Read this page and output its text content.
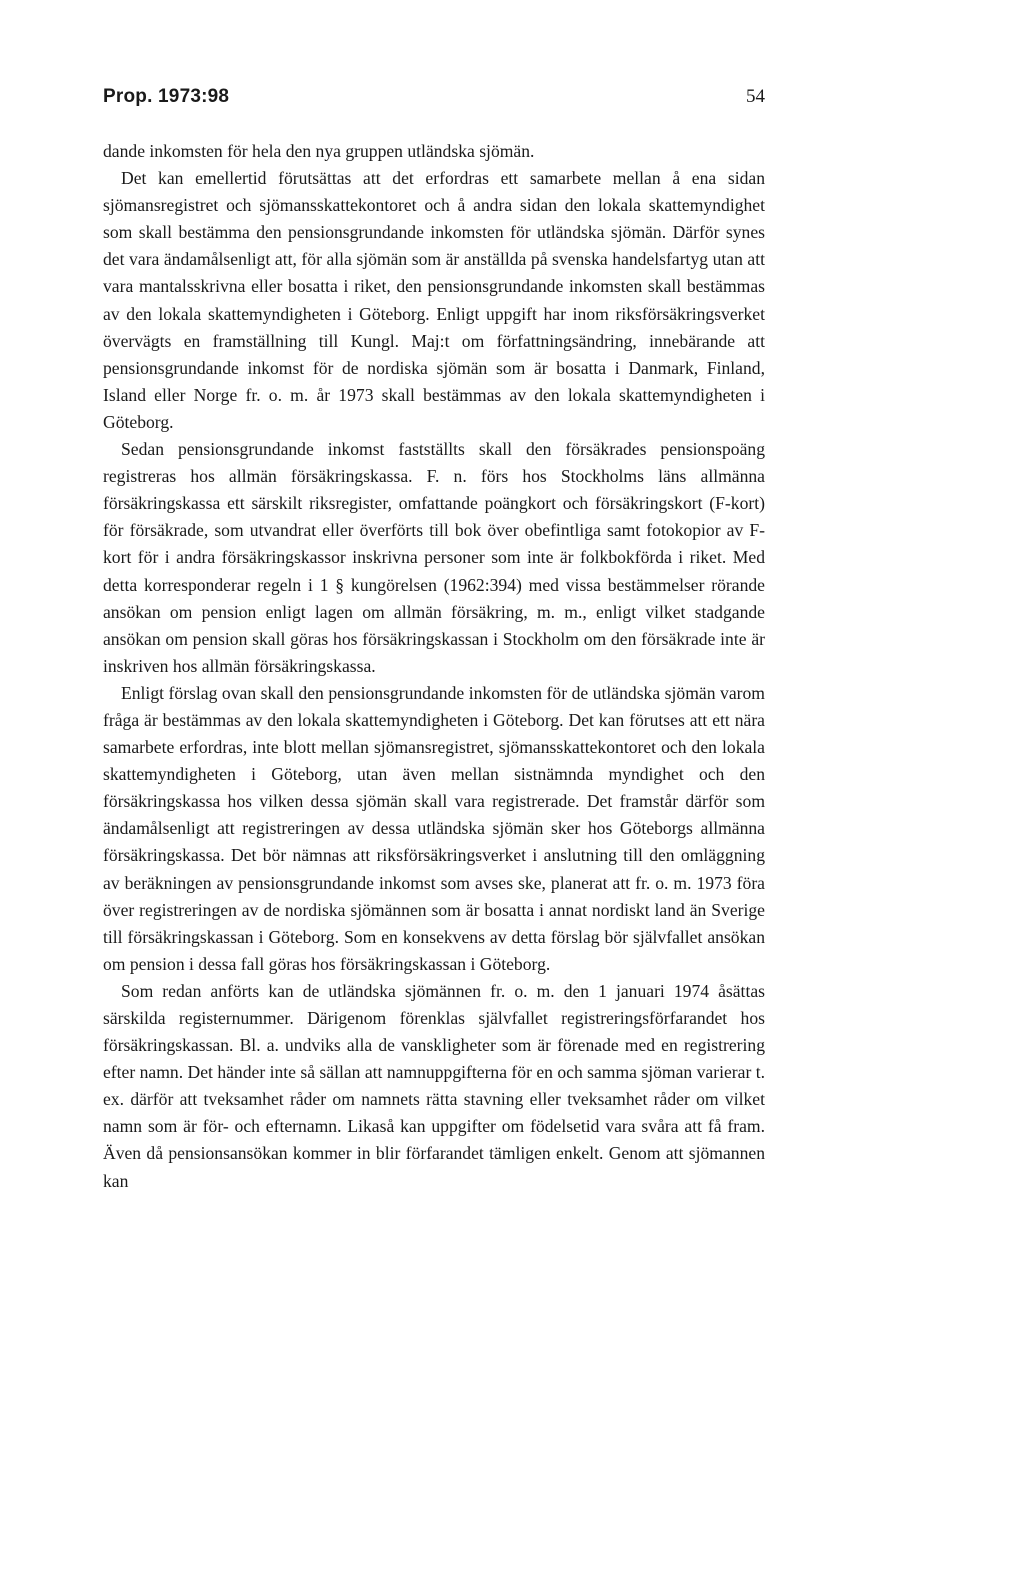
Prop. 1973:98	54

dande inkomsten för hela den nya gruppen utländska sjömän.

Det kan emellertid förutsättas att det erfordras ett samarbete mellan å ena sidan sjömansregistret och sjömansskattekontoret och å andra sidan den lokala skattemyndighet som skall bestämma den pensionsgrundande inkomsten för utländska sjömän. Därför synes det vara ändamålsenligt att, för alla sjömän som är anställda på svenska handelsfartyg utan att vara mantalsskrivna eller bosatta i riket, den pensionsgrundande inkomsten skall bestämmas av den lokala skattemyndigheten i Göteborg. Enligt uppgift har inom riksförsäkringsverket övervägts en framställning till Kungl. Maj:t om författningsändring, innebärande att pensionsgrundande inkomst för de nordiska sjömän som är bosatta i Danmark, Finland, Island eller Norge fr. o. m. år 1973 skall bestämmas av den lokala skattemyndigheten i Göteborg.

Sedan pensionsgrundande inkomst fastställts skall den försäkrades pensionspoäng registreras hos allmän försäkringskassa. F. n. förs hos Stockholms läns allmänna försäkringskassa ett särskilt riksregister, omfattande poängkort och försäkringskort (F-kort) för försäkrade, som utvandrat eller överförts till bok över obefintliga samt fotokopior av F-kort för i andra försäkringskassor inskrivna personer som inte är folkbokförda i riket. Med detta korresponderar regeln i 1 § kungörelsen (1962:394) med vissa bestämmelser rörande ansökan om pension enligt lagen om allmän försäkring, m. m., enligt vilket stadgande ansökan om pension skall göras hos försäkringskassan i Stockholm om den försäkrade inte är inskriven hos allmän försäkringskassa.

Enligt förslag ovan skall den pensionsgrundande inkomsten för de utländska sjömän varom fråga är bestämmas av den lokala skattemyndigheten i Göteborg. Det kan förutses att ett nära samarbete erfordras, inte blott mellan sjömansregistret, sjömansskattekontoret och den lokala skattemyndigheten i Göteborg, utan även mellan sistnämnda myndighet och den försäkringskassa hos vilken dessa sjömän skall vara registrerade. Det framstår därför som ändamålsenligt att registreringen av dessa utländska sjömän sker hos Göteborgs allmänna försäkringskassa. Det bör nämnas att riksförsäkringsverket i anslutning till den omläggning av beräkningen av pensionsgrundande inkomst som avses ske, planerat att fr. o. m. 1973 föra över registreringen av de nordiska sjömännen som är bosatta i annat nordiskt land än Sverige till försäkringskassan i Göteborg. Som en konsekvens av detta förslag bör självfallet ansökan om pension i dessa fall göras hos försäkringskassan i Göteborg.

Som redan anförts kan de utländska sjömännen fr. o. m. den 1 januari 1974 åsättas särskilda registernummer. Därigenom förenklas självfallet registreringsförfarandet hos försäkringskassan. Bl. a. undviks alla de vanskligheter som är förenade med en registrering efter namn. Det händer inte så sällan att namnuppgifterna för en och samma sjöman varierar t. ex. därför att tveksamhet råder om namnets rätta stavning eller tveksamhet råder om vilket namn som är för- och efternamn. Likaså kan uppgifter om födelsetid vara svåra att få fram. Även då pensionsansökan kommer in blir förfarandet tämligen enkelt. Genom att sjömannen kan
